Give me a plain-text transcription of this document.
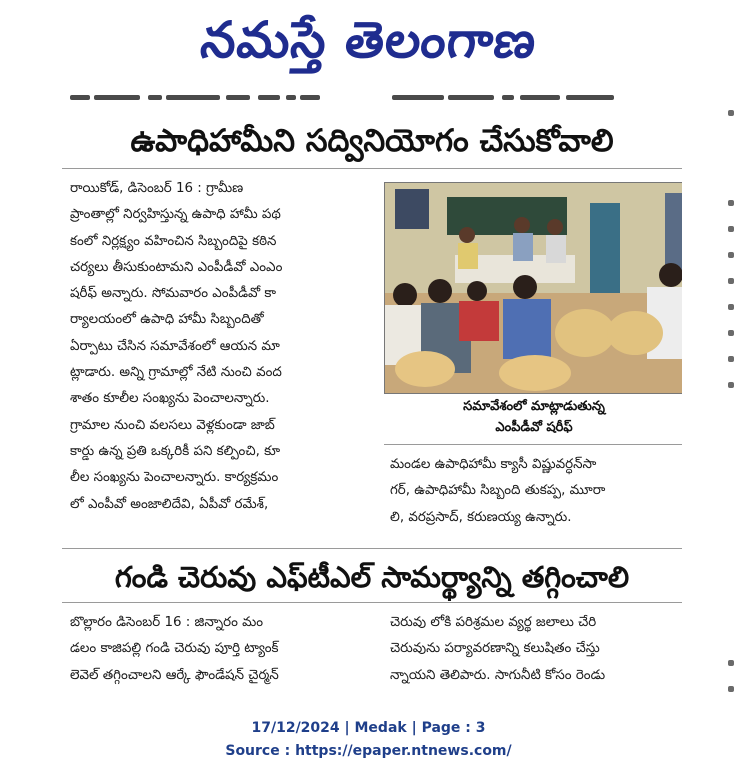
నమస్తే తెలంగాణ
ఉపాధిహామీని సద్వినియోగం చేసుకోవాలి
రాయికోడ్, డిసెంబర్ 16 : గ్రామీణ
ప్రాంతాల్లో నిర్వహిస్తున్న ఉపాధి హామీ పథ
కంలో నిర్లక్ష్యం వహించిన సిబ్బందిపై కఠిన
చర్యలు తీసుకుంటామని ఎంపీడీవో ఎంఎం
షరీఫ్ అన్నారు. సోమవారం ఎంపీడీవో కా
ర్యాలయంలో ఉపాధి హామీ సిబ్బందితో
ఏర్పాటు చేసిన సమావేశంలో ఆయన మా
ట్లాడారు. అన్ని గ్రామాల్లో నేటి నుంచి వంద
శాతం కూలీల సంఖ్యను పెంచాలన్నారు.
గ్రామాల నుంచి వలసలు వెళ్లకుండా జాబ్
కార్డు ఉన్న ప్రతి ఒక్కరికీ పని కల్పించి, కూ
లీల సంఖ్యను పెంచాలన్నారు. కార్యక్రమం
లో ఎంపీవో అంజాలిదేవి, ఏపీవో రమేశ్,
సమావేశంలో మాట్లాడుతున్న
ఎంపీడీవో షరీఫ్
మండల ఉపాధిహామీ క్యాసీ విష్ణువర్ధన్‌సా
గర్, ఉపాధిహామీ సిబ్బంది తుకప్ప, మూరా
లి, వరప్రసాద్, కరుణయ్య ఉన్నారు.
గండి చెరువు ఎఫ్‌టీఎల్ సామర్థ్యాన్ని తగ్గించాలి
బొల్లారం డిసెంబర్ 16 : జిన్నారం మం
డలం కాజిపల్లి గండి చెరువు పూర్తి ట్యాంక్
లెవెల్ తగ్గించాలని ఆర్కే ఫౌండేషన్ చైర్మన్
చెరువు లోకి పరిశ్రమల వ్యర్థ జలాలు చేరి
చెరువును పర్యావరణాన్ని కలుషితం చేస్తు
న్నాయని తెలిపారు. సాగునీటి కోసం రెండు
17/12/2024 | Medak | Page : 3
Source : https://epaper.ntnews.com/
